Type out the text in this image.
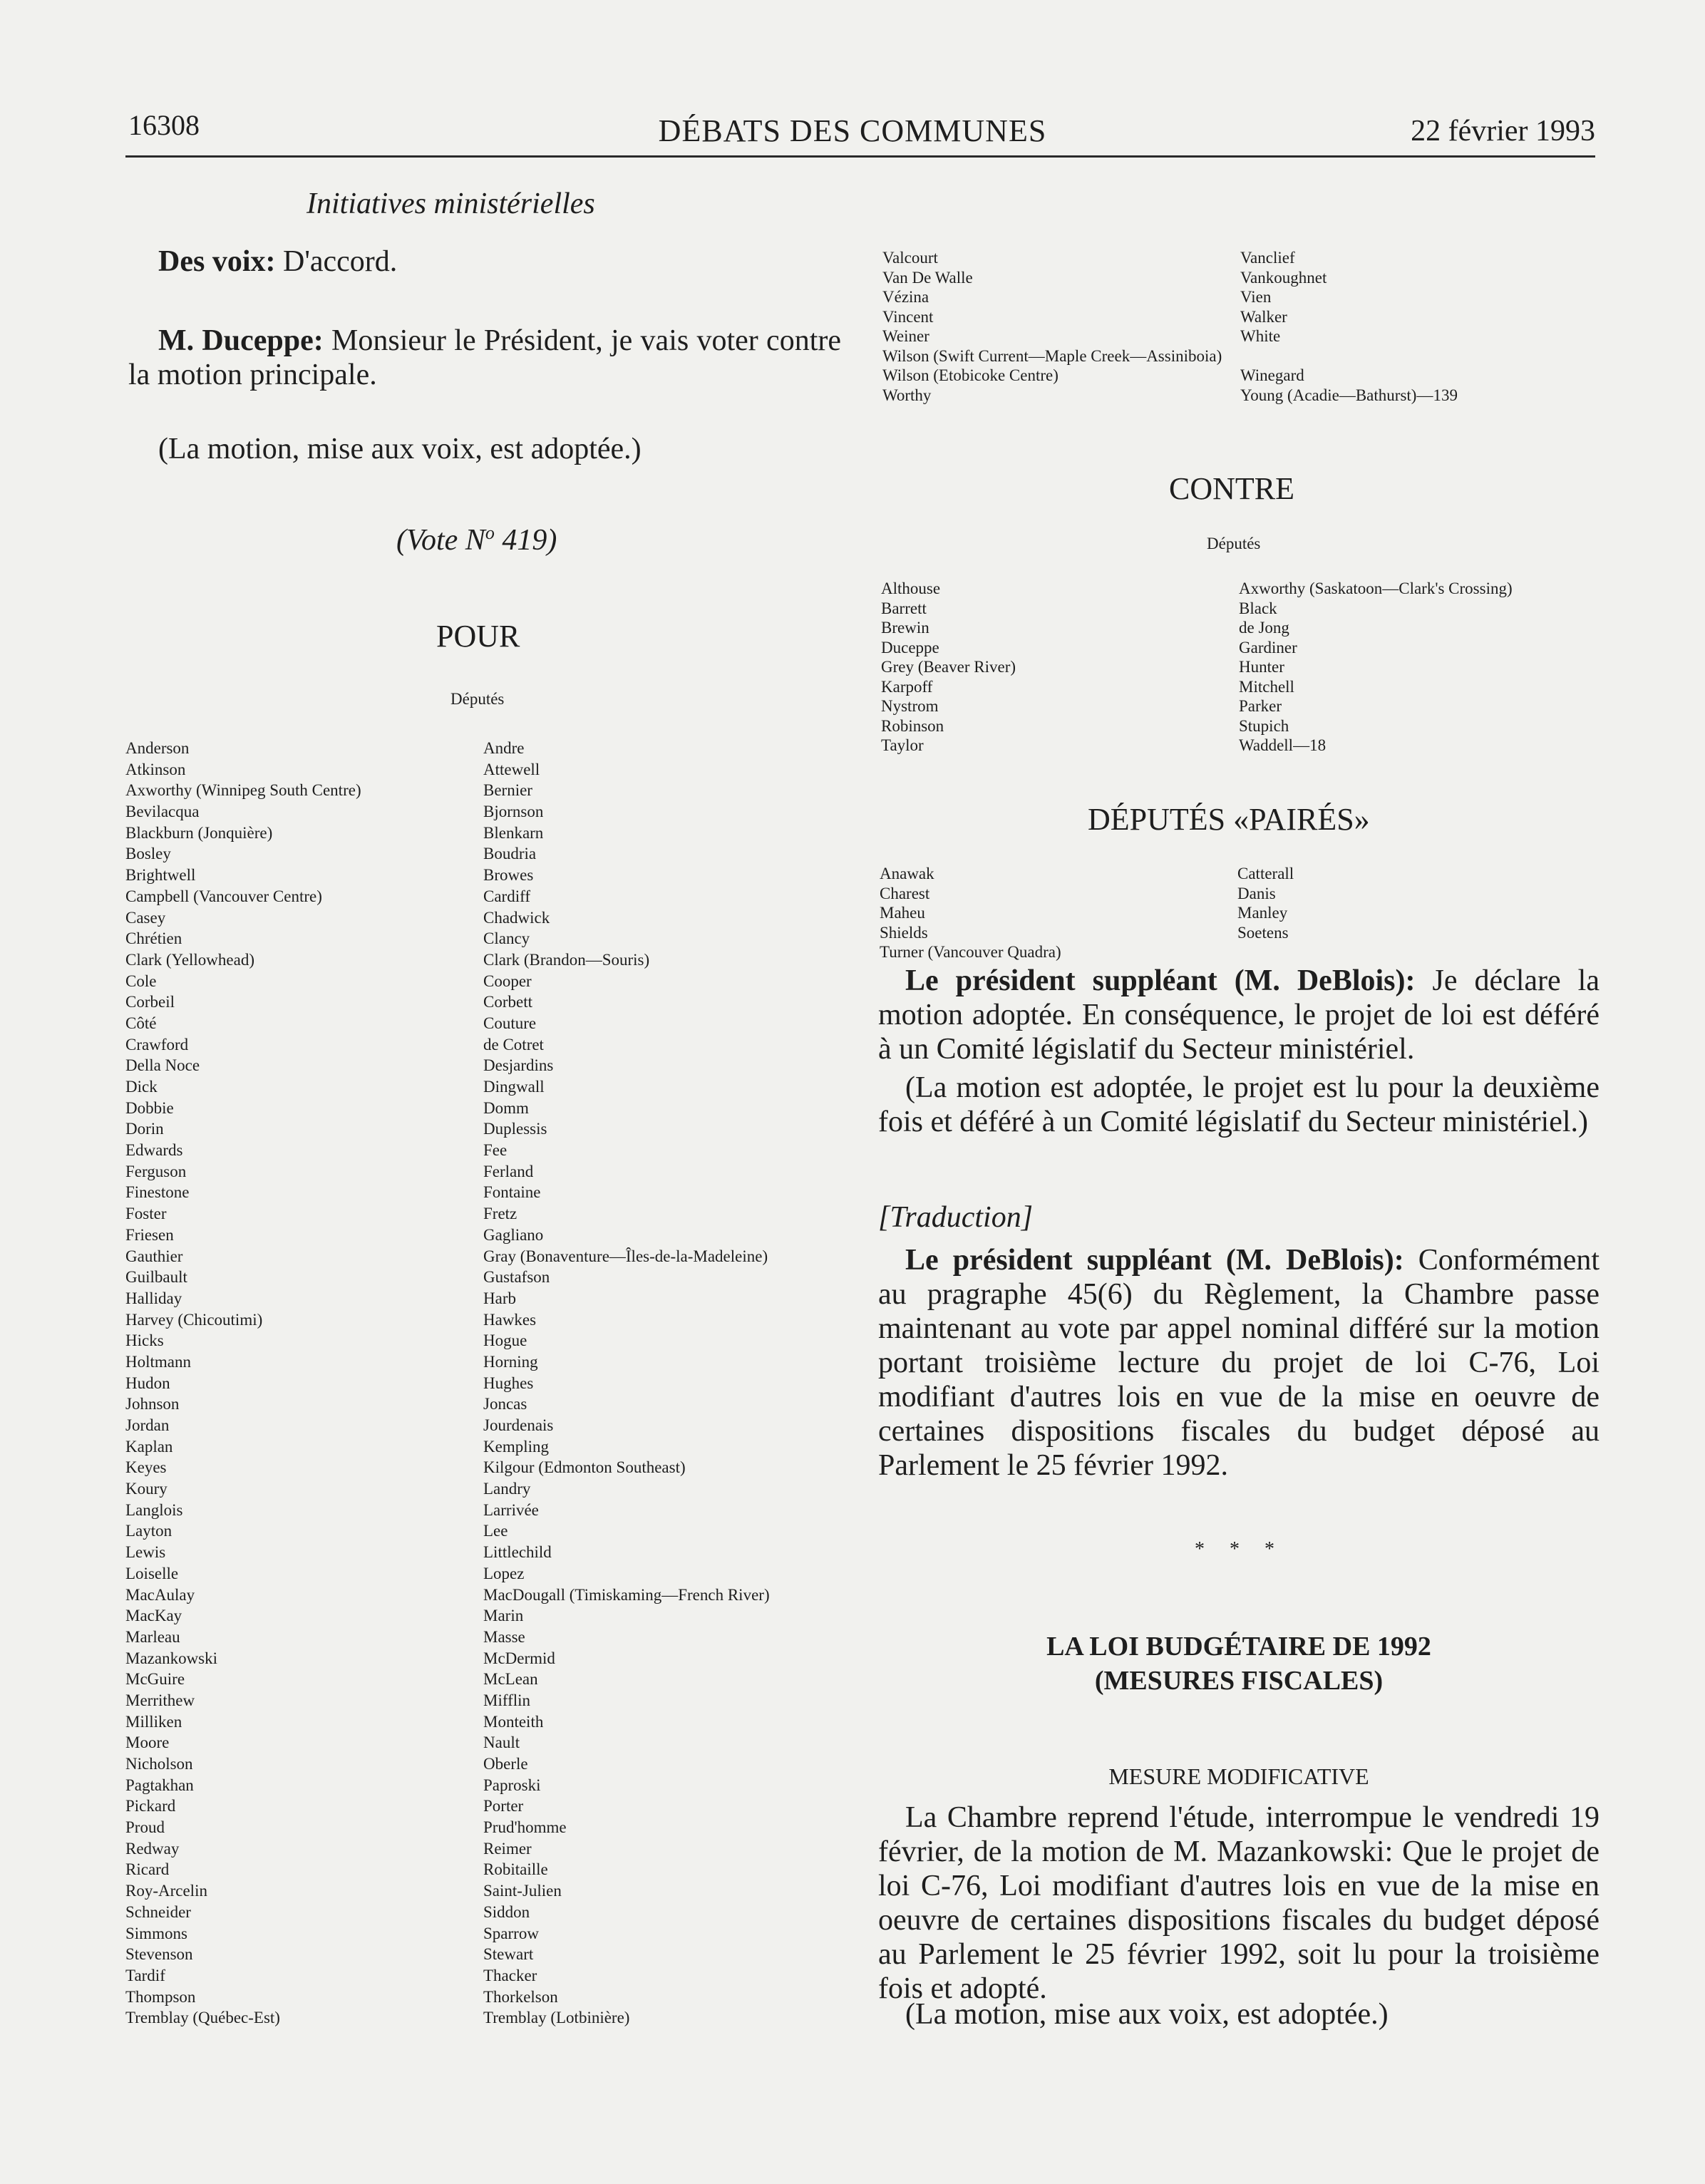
16308	DÉBATS DES COMMUNES	22 février 1993
Initiatives ministérielles
Des voix: D'accord.
M. Duceppe: Monsieur le Président, je vais voter contre la motion principale.
(La motion, mise aux voix, est adoptée.)
(Vote $N^o$ 419)
POUR
Députés
Anderson
Atkinson
Axworthy (Winnipeg South Centre)
Bevilacqua
Blackburn (Jonquière)
Bosley
Brightwell
Campbell (Vancouver Centre)
Casey
Chrétien
Clark (Yellowhead)
Cole
Corbeil
Côté
Crawford
Della Noce
Dick
Dobbie
Dorin
Edwards
Ferguson
Finestone
Foster
Friesen
Gauthier
Guilbault
Halliday
Harvey (Chicoutimi)
Hicks
Holtmann
Hudon
Johnson
Jordan
Kaplan
Keyes
Koury
Langlois
Layton
Lewis
Loiselle
MacAulay
MacKay
Marleau
Mazankowski
McGuire
Merrithew
Milliken
Moore
Nicholson
Pagtakhan
Pickard
Proud
Redway
Ricard
Roy-Arcelin
Schneider
Simmons
Stevenson
Tardif
Thompson
Tremblay (Québec-Est)
Andre
Attewell
Bernier
Bjornson
Blenkarn
Boudria
Browes
Cardiff
Chadwick
Clancy
Clark (Brandon—Souris)
Cooper
Corbett
Couture
de Cotret
Desjardins
Dingwall
Domm
Duplessis
Fee
Ferland
Fontaine
Fretz
Gagliano
Gray (Bonaventure—Îles-de-la-Madeleine)
Gustafson
Harb
Hawkes
Hogue
Horning
Hughes
Joncas
Jourdenais
Kempling
Kilgour (Edmonton Southeast)
Landry
Larrivée
Lee
Littlechild
Lopez
MacDougall (Timiskaming—French River)
Marin
Masse
McDermid
McLean
Mifflin
Monteith
Nault
Oberle
Paproski
Porter
Prud'homme
Reimer
Robitaille
Saint-Julien
Siddon
Sparrow
Stewart
Thacker
Thorkelson
Tremblay (Lotbinière)
Valcourt
Van De Walle
Vézina
Vincent
Weiner
Wilson (Swift Current—Maple Creek—Assiniboia)
Wilson (Etobicoke Centre)
Worthy
Vanclief
Vankoughnet
Vien
Walker
White
Winegard
Young (Acadie—Bathurst)—139
CONTRE
Députés
Althouse
Barrett
Brewin
Duceppe
Grey (Beaver River)
Karpoff
Nystrom
Robinson
Taylor
Axworthy (Saskatoon—Clark's Crossing)
Black
de Jong
Gardiner
Hunter
Mitchell
Parker
Stupich
Waddell—18
DÉPUTÉS «PAIRÉS»
Anawak
Charest
Maheu
Shields
Turner (Vancouver Quadra)
Catterall
Danis
Manley
Soetens
Le président suppléant (M. DeBlois): Je déclare la motion adoptée. En conséquence, le projet de loi est déféré à un Comité législatif du Secteur ministériel.
(La motion est adoptée, le projet est lu pour la deuxième fois et déféré à un Comité législatif du Secteur ministériel.)
[Traduction]
Le président suppléant (M. DeBlois): Conformément au pragraphe 45(6) du Règlement, la Chambre passe maintenant au vote par appel nominal différé sur la motion portant troisième lecture du projet de loi C-76, Loi modifiant d'autres lois en vue de la mise en oeuvre de certaines dispositions fiscales du budget déposé au Parlement le 25 février 1992.
* * *
LA LOI BUDGÉTAIRE DE 1992
(MESURES FISCALES)
MESURE MODIFICATIVE
La Chambre reprend l'étude, interrompue le vendredi 19 février, de la motion de M. Mazankowski: Que le projet de loi C-76, Loi modifiant d'autres lois en vue de la mise en oeuvre de certaines dispositions fiscales du budget déposé au Parlement le 25 février 1992, soit lu pour la troisième fois et adopté.
(La motion, mise aux voix, est adoptée.)
